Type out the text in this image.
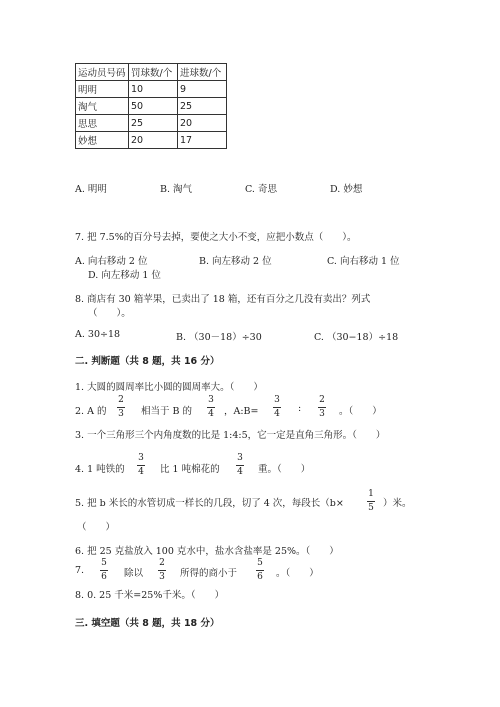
运动员号码	罚球数/个	进球数/个
明明	10	9
淘气	50	25
思思	25	20
妙想	20	17
A. 明明	B. 淘气	C. 奇思	D. 妙想
7. 把 7.5%的百分号去掉，要使之大小不变，应把小数点（　　）。
A. 向右移动 2 位	B. 向左移动 2 位	C. 向右移动 1 位
D. 向左移动 1 位
8. 商店有 30 箱苹果，已卖出了 18 箱，还有百分之几没有卖出？列式
（　　）。
A. 30÷18	B. （30－18）÷30	C. （30−18）÷18
二. 判断题（共 8 题，共 16 分）
1. 大圆的圆周率比小圆的圆周率大。（　　）
2. A 的
2
3 相当于 B 的
3
4 ，A:B=
3
4 :
2
3 。（　　）
3. 一个三角形三个内角度数的比是 1:4:5，它一定是直角三角形。（　　）
4. 1 吨铁的
3
4 比 1 吨棉花的
3
4 重。（　　）
5. 把 b 米长的水管切成一样长的几段，切了 4 次，每段长（b×
1
5 ）米。
（　　）
6. 把 25 克盐放入 100 克水中，盐水含盐率是 25%。（　　）
7.
5
6 除以
2
3 所得的商小于
5
6 。（　　）
8. 0. 25 千米=25%千米。（　　）
三. 填空题（共 8 题，共 18 分）
